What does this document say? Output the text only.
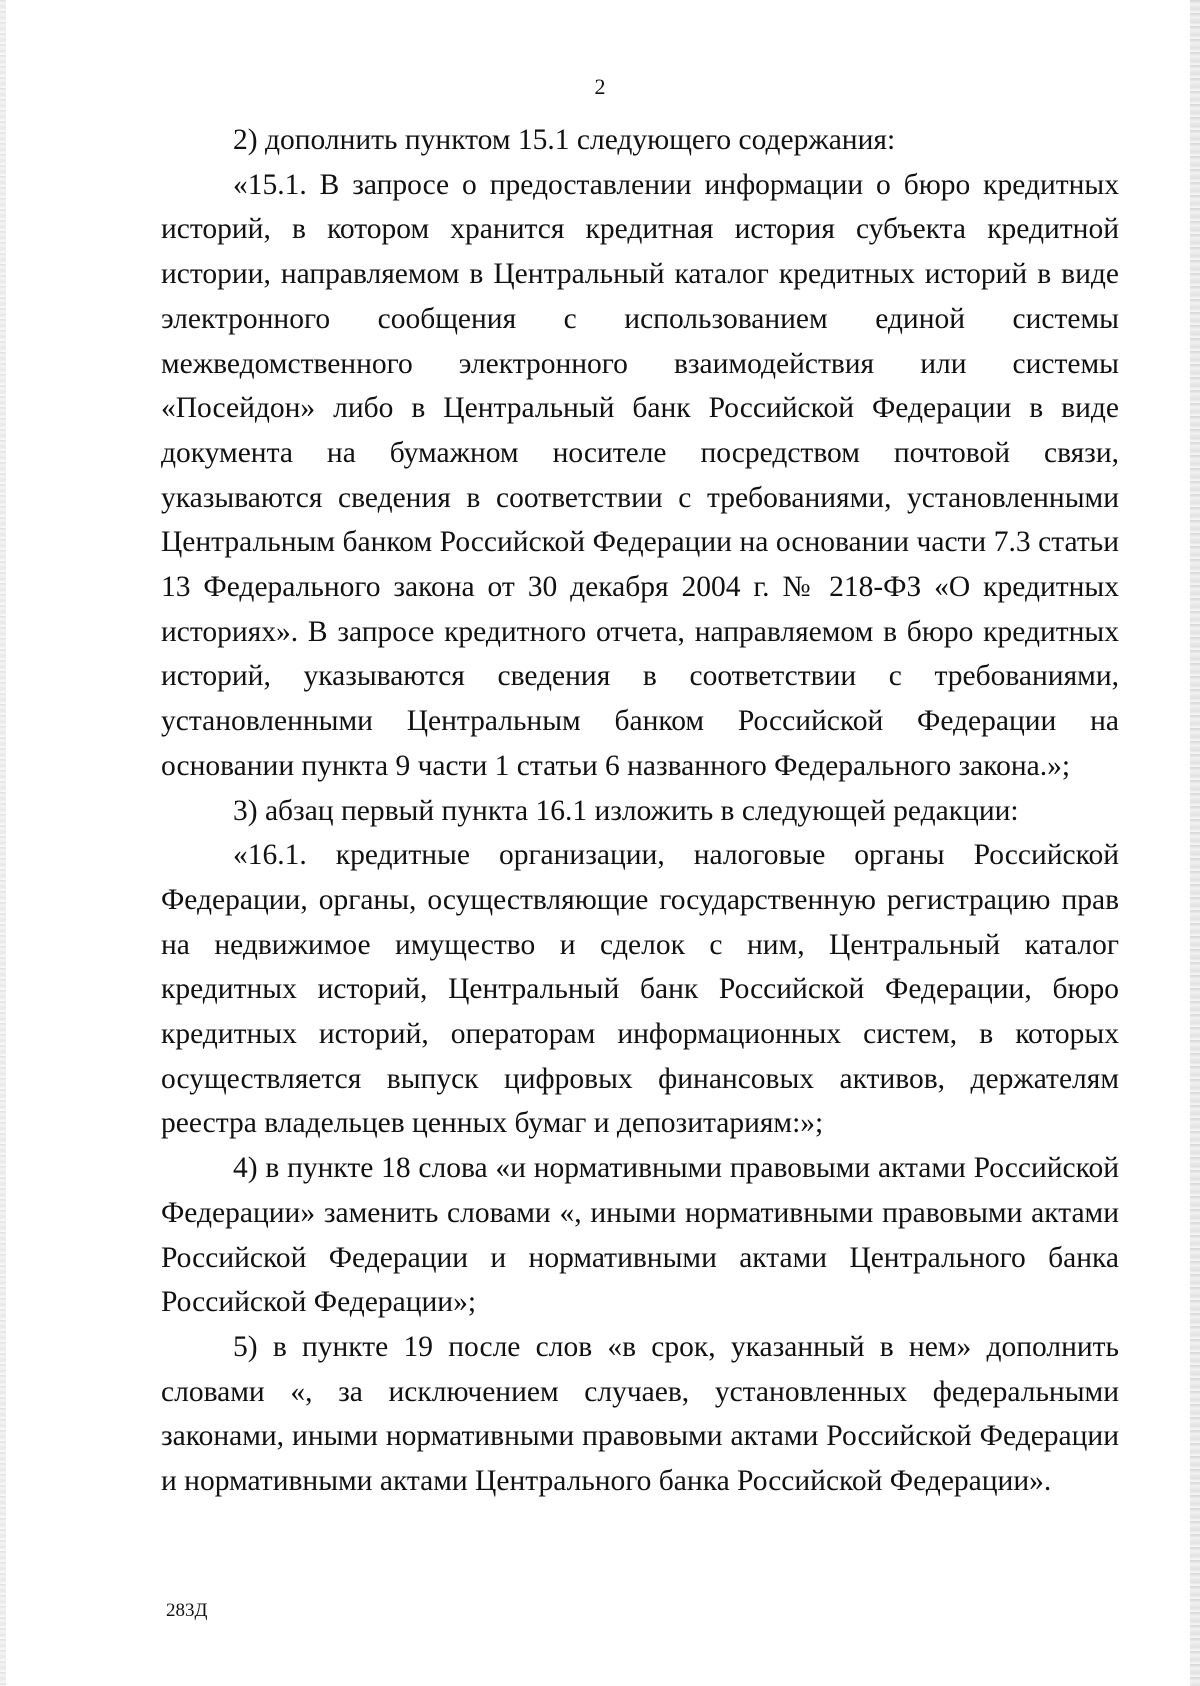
2

2) дополнить пунктом 15.1 следующего содержания:

«15.1. В запросе о предоставлении информации о бюро кредитных историй, в котором хранится кредитная история субъекта кредитной истории, направляемом в Центральный каталог кредитных историй в виде электронного сообщения с использованием единой системы межведомственного электронного взаимодействия или системы «Посейдон» либо в Центральный банк Российской Федерации в виде документа на бумажном носителе посредством почтовой связи, указываются сведения в соответствии с требованиями, установленными Центральным банком Российской Федерации на основании части 7.3 статьи 13 Федерального закона от 30 декабря 2004 г. № 218-ФЗ «О кредитных историях». В запросе кредитного отчета, направляемом в бюро кредитных историй, указываются сведения в соответствии с требованиями, установленными Центральным банком Российской Федерации на основании пункта 9 части 1 статьи 6 названного Федерального закона.»;

3) абзац первый пункта 16.1 изложить в следующей редакции:

«16.1. кредитные организации, налоговые органы Российской Федерации, органы, осуществляющие государственную регистрацию прав на недвижимое имущество и сделок с ним, Центральный каталог кредитных историй, Центральный банк Российской Федерации, бюро кредитных историй, операторам информационных систем, в которых осуществляется выпуск цифровых финансовых активов, держателям реестра владельцев ценных бумаг и депозитариям:»;

4) в пункте 18 слова «и нормативными правовыми актами Российской Федерации» заменить словами «, иными нормативными правовыми актами Российской Федерации и нормативными актами Центрального банка Российской Федерации»;

5) в пункте 19 после слов «в срок, указанный в нем» дополнить словами «, за исключением случаев, установленных федеральными законами, иными нормативными правовыми актами Российской Федерации и нормативными актами Центрального банка Российской Федерации».

283Д
